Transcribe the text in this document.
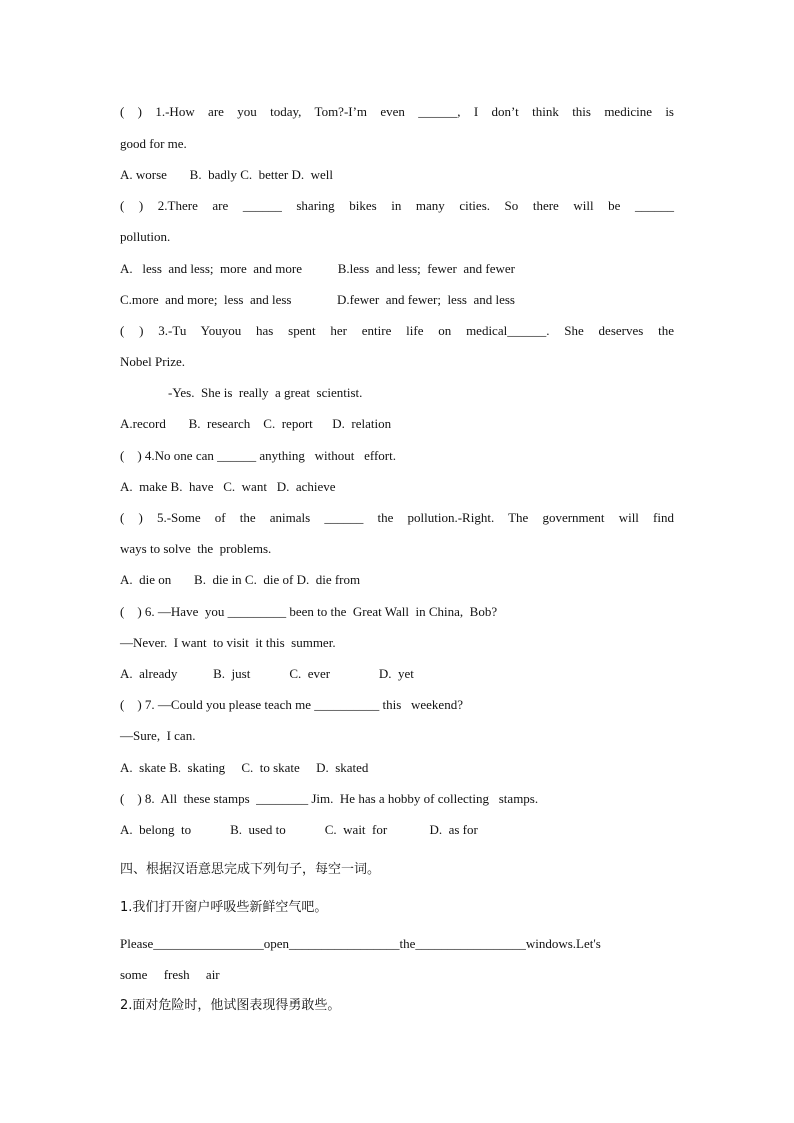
( ) 1.-How are you today, Tom?-I’m even ______, I don’t think this medicine is
good for me.
A. worse       B.  badly C.  better D.  well
( ) 2.There are ______ sharing bikes in many cities. So there will be ______
pollution.
A.   less  and less;  more  and more           B.less  and less;  fewer  and fewer
C.more  and more;  less  and less              D.fewer  and fewer;  less  and less
( ) 3.-Tu Youyou has spent her entire life on medical______. She deserves the
Nobel Prize.
-Yes.  She is  really  a great  scientist.
A.record       B.  research    C.  report      D.  relation
(    ) 4.No one can ______ anything   without   effort.
A.  make B.  have   C.  want   D.  achieve
( ) 5.-Some of the animals ______ the pollution.-Right. The government will find
ways to solve  the  problems.
A.  die on       B.  die in C.  die of D.  die from
(    ) 6. —Have  you _________ been to the  Great Wall  in China,  Bob?
—Never.  I want  to visit  it this  summer.
A.  already           B.  just            C.  ever               D.  yet
(    ) 7. —Could you please teach me __________ this   weekend?
—Sure,  I can.
A.  skate B.  skating     C.  to skate     D.  skated
(    ) 8.  All  these stamps  ________ Jim.  He has a hobby of collecting   stamps.
A.  belong  to            B.  used to            C.  wait  for             D.  as for
四、根据汉语意思完成下列句子，每空一词。
1.我们打开窗户呼吸些新鲜空气吧。
Please_________________open_________________the_________________windows.Let's
some     fresh     air
2.面对危险时，他试图表现得勇敢些。
